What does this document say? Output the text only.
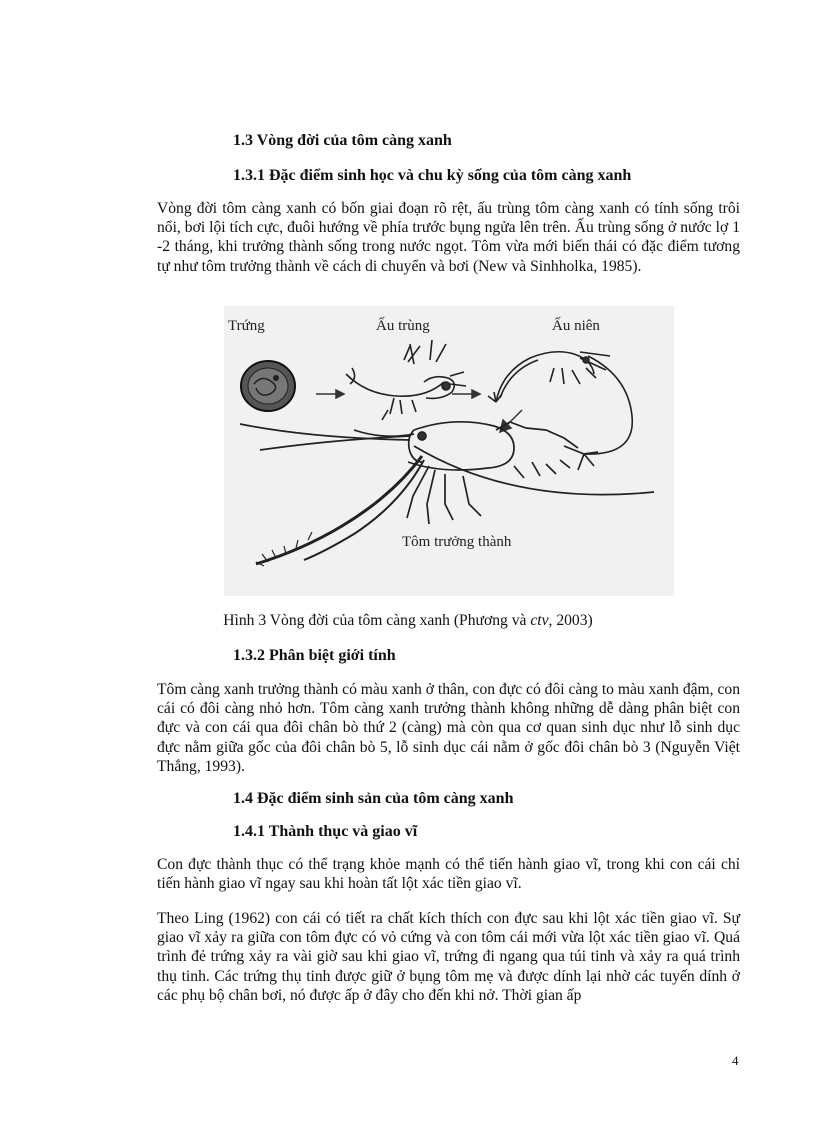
1.3 Vòng đời của tôm càng xanh
1.3.1 Đặc điểm sinh học và chu kỳ sống của tôm càng xanh
Vòng đời tôm càng xanh có bốn giai đoạn rõ rệt, ấu trùng tôm càng xanh có tính sống trôi nổi, bơi lội tích cực, đuôi hướng về phía trước bụng ngửa lên trên. Ấu trùng sống ở nước lợ 1 -2 tháng, khi trưởng thành sống trong nước ngọt. Tôm vừa mới biến thái có đặc điểm tương tự như tôm trưởng thành về cách di chuyển và bơi (New và Sinhholka, 1985).
Trứng	Ấu trùng	Ấu niên
Tôm trưởng thành
Hình 3 Vòng đời của tôm càng xanh (Phương và ctv, 2003)
1.3.2 Phân biệt giới tính
Tôm càng xanh trưởng thành có màu xanh ở thân, con đực có đôi càng to màu xanh đậm, con cái có đôi càng nhỏ hơn. Tôm càng xanh trưởng thành không những dễ dàng phân biệt con đực và con cái qua đôi chân bò thứ 2 (càng) mà còn qua cơ quan sinh dục như lỗ sinh dục đực nằm giữa gốc của đôi chân bò 5, lỗ sinh dục cái nằm ở gốc đôi chân bò 3 (Nguyễn Việt Thắng, 1993).
1.4 Đặc điểm sinh sản của tôm càng xanh
1.4.1 Thành thục và giao vĩ
Con đực thành thục có thể trạng khỏe mạnh có thể tiến hành giao vĩ, trong khi con cái chỉ tiến hành giao vĩ ngay sau khi hoàn tất lột xác tiền giao vĩ.
Theo Ling (1962) con cái có tiết ra chất kích thích con đực sau khi lột xác tiền giao vĩ. Sự giao vĩ xảy ra giữa con tôm đực có vỏ cứng và con tôm cái mới vừa lột xác tiền giao vĩ. Quá trình đẻ trứng xảy ra vài giờ sau khi giao vĩ, trứng đi ngang qua túi tinh và xảy ra quá trình thụ tinh. Các trứng thụ tinh được giữ ở bụng tôm mẹ và được dính lại nhờ các tuyến dính ở các phụ bộ chân bơi, nó được ấp ở đây cho đến khi nở. Thời gian ấp
4
